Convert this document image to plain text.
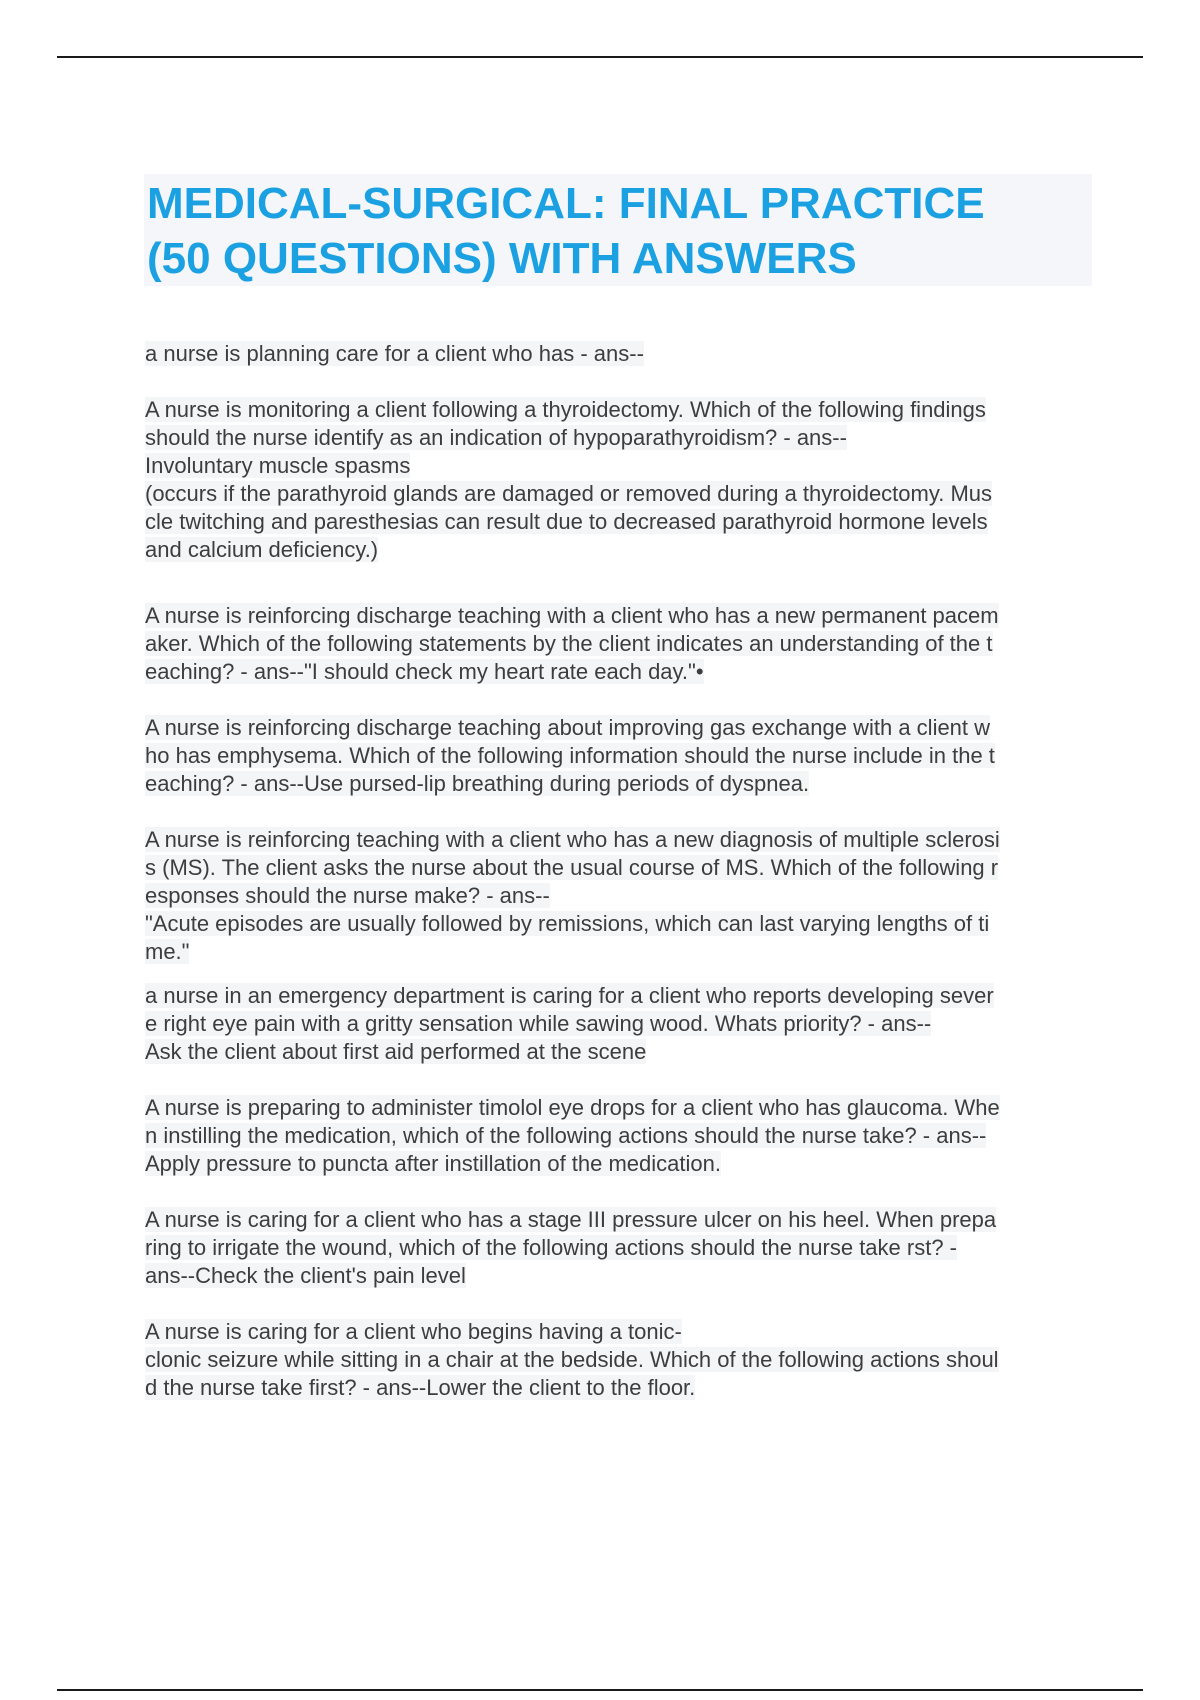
MEDICAL-SURGICAL: FINAL PRACTICE
(50 QUESTIONS) WITH ANSWERS
a nurse is planning care for a client who has - ans--
A nurse is monitoring a client following a thyroidectomy. Which of the following findings
should the nurse identify as an indication of hypoparathyroidism? - ans--
Involuntary muscle spasms
(occurs if the parathyroid glands are damaged or removed during a thyroidectomy. Mus
cle twitching and paresthesias can result due to decreased parathyroid hormone levels
and calcium deficiency.)
A nurse is reinforcing discharge teaching with a client who has a new permanent pacem
aker. Which of the following statements by the client indicates an understanding of the t
eaching? - ans--"I should check my heart rate each day."•
A nurse is reinforcing discharge teaching about improving gas exchange with a client w
ho has emphysema. Which of the following information should the nurse include in the t
eaching? - ans--Use pursed-lip breathing during periods of dyspnea.
A nurse is reinforcing teaching with a client who has a new diagnosis of multiple sclerosi
s (MS). The client asks the nurse about the usual course of MS. Which of the following r
esponses should the nurse make? - ans--
"Acute episodes are usually followed by remissions, which can last varying lengths of ti
me."
a nurse in an emergency department is caring for a client who reports developing sever
e right eye pain with a gritty sensation while sawing wood. Whats priority? - ans--
Ask the client about first aid performed at the scene
A nurse is preparing to administer timolol eye drops for a client who has glaucoma. Whe
n instilling the medication, which of the following actions should the nurse take? - ans--
Apply pressure to puncta after instillation of the medication.
A nurse is caring for a client who has a stage III pressure ulcer on his heel. When prepa
ring to irrigate the wound, which of the following actions should the nurse take rst? -
ans--Check the client's pain level
A nurse is caring for a client who begins having a tonic-
clonic seizure while sitting in a chair at the bedside. Which of the following actions shoul
d the nurse take first? - ans--Lower the client to the floor.
